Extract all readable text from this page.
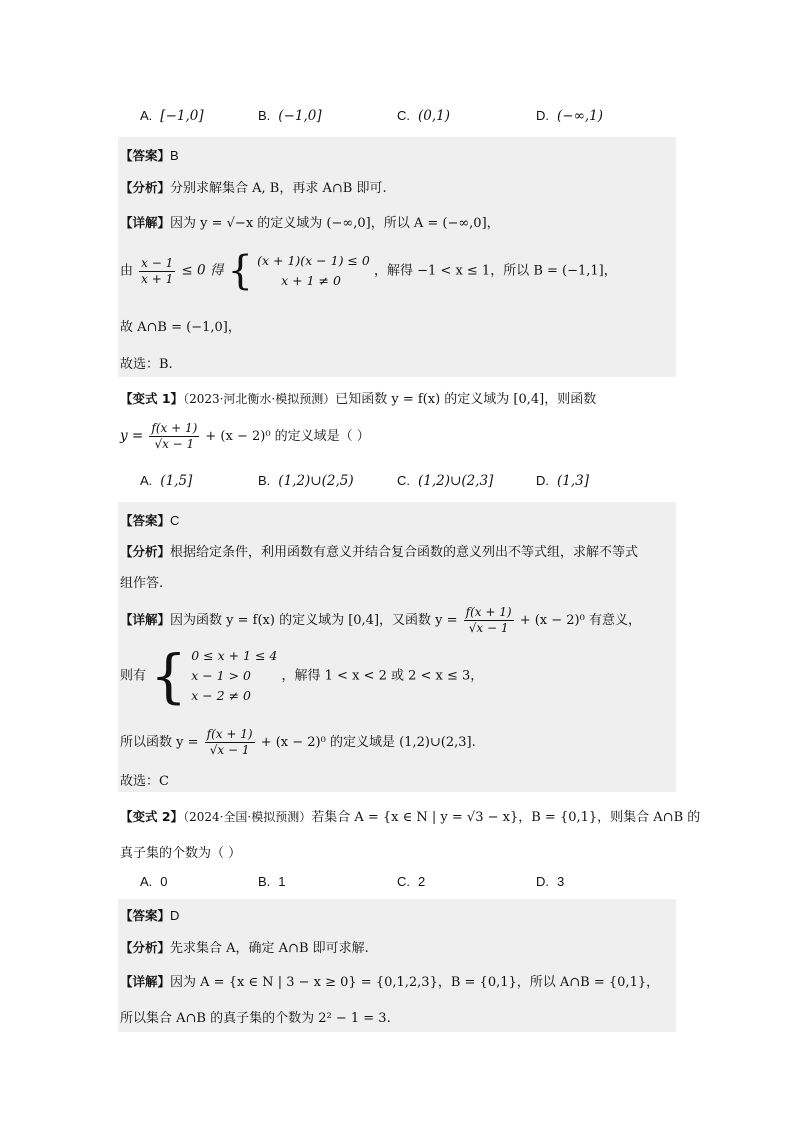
A. [−1,0]	B. (−1,0]	C. (0,1)	D. (−∞,1)
【答案】B
【分析】分别求解集合 A, B，再求 A∩B 即可.
【详解】因为 y = √−x 的定义域为 (−∞,0]，所以 A = (−∞,0]，
由 $\frac{x - 1}{x + 1} \le 0$ 得 { (x + 1)(x − 1) ≤ 0
x + 1 ≠ 0
，解得 −1 < x ≤ 1，所以 B = (−1,1]，
故 A∩B = (−1,0]，
故选：B.
【变式 1】（2023·河北衡水·模拟预测）已知函数 y = f(x) 的定义域为 [0,4]，则函数
$y = \frac{f(x + 1)}{√x - 1} + (x - 2)^0$ 的定义域是（ ）
A. (1,5]	B. (1,2)∪(2,5)	C. (1,2)∪(2,3]	D. (1,3]
【答案】C
【分析】根据给定条件，利用函数有意义并结合复合函数的意义列出不等式组，求解不等式
组作答.
【详解】因为函数 y = f(x) 的定义域为 [0,4]，又函数 $y = \frac{f(x + 1)}{√x - 1} + (x - 2)^0$ 有意义，
则有 { 0 ≤ x + 1 ≤ 4
x − 1 > 0
x − 2 ≠ 0
，解得 1 < x < 2 或 2 < x ≤ 3，
所以函数 $y = \frac{f(x + 1)}{√x - 1} + (x - 2)^0$ 的定义域是 (1,2)∪(2,3].
故选：C
【变式 2】（2024·全国·模拟预测）若集合 A = {x ∈ N | y = √3 − x}，B = {0,1}，则集合 A∩B 的
真子集的个数为（ ）
A. 0	B. 1	C. 2	D. 3
【答案】D
【分析】先求集合 A，确定 A∩B 即可求解.
【详解】因为 A = {x ∈ N | 3 − x ≥ 0} = {0,1,2,3}，B = {0,1}，所以 A∩B = {0,1}，
所以集合 A∩B 的真子集的个数为 2² − 1 = 3.
